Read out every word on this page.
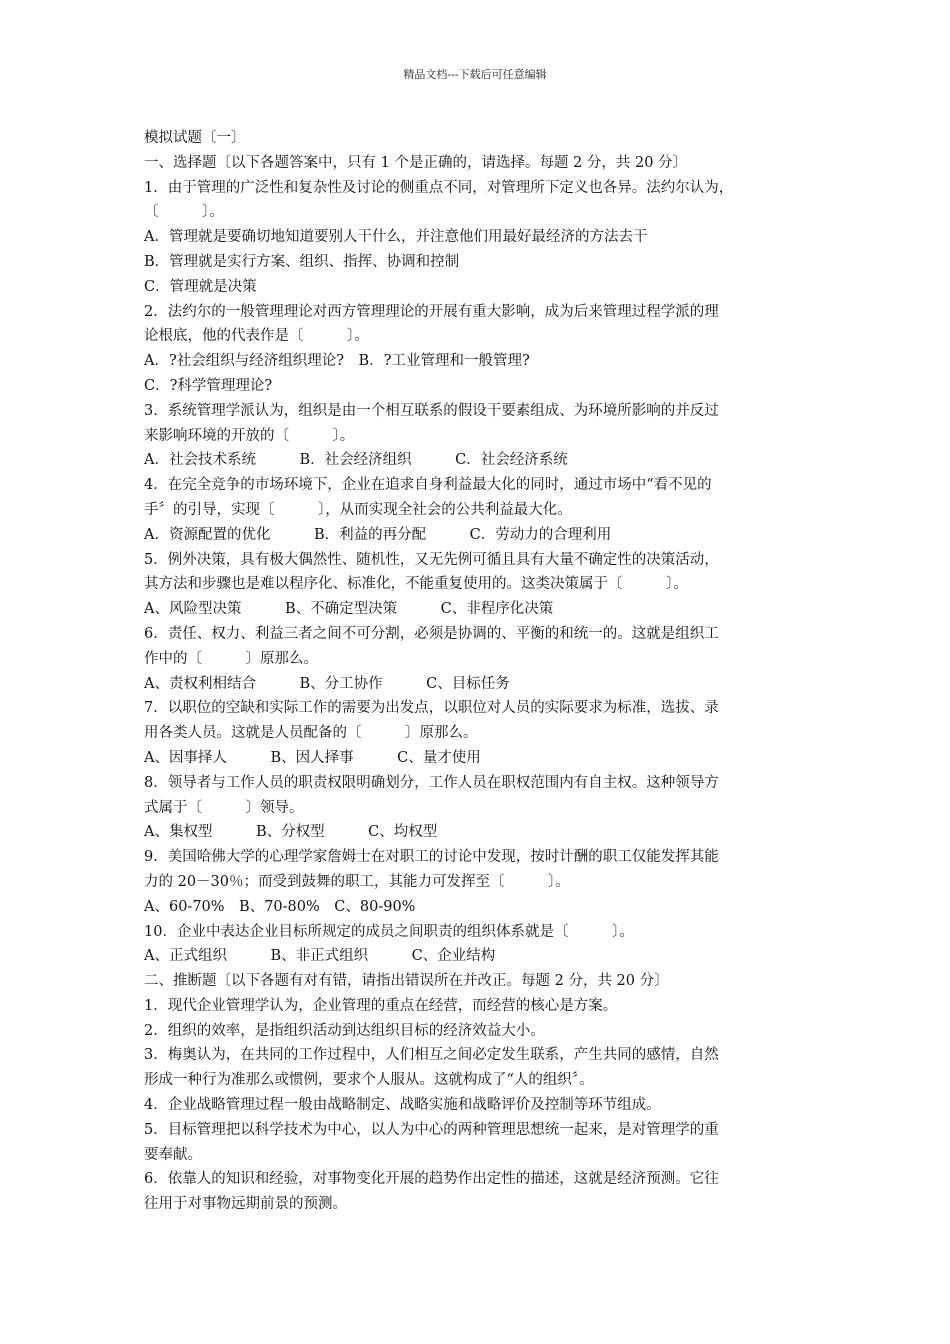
精品文档---下载后可任意编辑
模拟试题〔一〕
一、选择题〔以下各题答案中，只有 1 个是正确的，请选择。每题 2 分，共 20 分〕
1．由于管理的广泛性和复杂性及讨论的侧重点不同，对管理所下定义也各异。法约尔认为，
〔　　　〕。
A．管理就是要确切地知道要别人干什么，并注意他们用最好最经济的方法去干
B．管理就是实行方案、组织、指挥、协调和控制
C．管理就是决策
2．法约尔的一般管理理论对西方管理理论的开展有重大影响，成为后来管理过程学派的理
论根底，他的代表作是〔　　　〕。
A．?社会组织与经济组织理论?　B．?工业管理和一般管理?
C．?科学管理理论?
3．系统管理学派认为，组织是由一个相互联系的假设干要素组成、为环境所影响的并反过
来影响环境的开放的〔　　　〕。
A．社会技术系统　　　B．社会经济组织　　　C．社会经济系统
4．在完全竞争的市场环境下，企业在追求自身利益最大化的同时，通过市场中“看不见的
手〞的引导，实现〔　　　〕，从而实现全社会的公共利益最大化。
A．资源配置的优化　　　B．利益的再分配　　　C．劳动力的合理利用
5．例外决策，具有极大偶然性、随机性，又无先例可循且具有大量不确定性的决策活动，
其方法和步骤也是难以程序化、标准化，不能重复使用的。这类决策属于〔　　　〕。
A、风险型决策　　　B、不确定型决策　　　C、非程序化决策
6．责任、权力、利益三者之间不可分割，必须是协调的、平衡的和统一的。这就是组织工
作中的〔　　　〕原那么。
A、责权利相结合　　　B、分工协作　　　C、目标任务
7．以职位的空缺和实际工作的需要为出发点，以职位对人员的实际要求为标准，选拔、录
用各类人员。这就是人员配备的〔　　　〕原那么。
A、因事择人　　　B、因人择事　　　C、量才使用
8．领导者与工作人员的职责权限明确划分，工作人员在职权范围内有自主权。这种领导方
式属于〔　　　〕领导。
A、集权型　　　B、分权型　　　C、均权型
9．美国哈佛大学的心理学家詹姆士在对职工的讨论中发现，按时计酬的职工仅能发挥其能
力的 20－30％；而受到鼓舞的职工，其能力可发挥至〔　　　〕。
A、60-70%　B、70-80%　C、80-90%
10．企业中表达企业目标所规定的成员之间职责的组织体系就是〔　　　〕。
A、正式组织　　　B、非正式组织　　　C、企业结构
二、推断题〔以下各题有对有错，请指出错误所在并改正。每题 2 分，共 20 分〕
1．现代企业管理学认为，企业管理的重点在经营，而经营的核心是方案。
2．组织的效率，是指组织活动到达组织目标的经济效益大小。
3．梅奥认为，在共同的工作过程中，人们相互之间必定发生联系，产生共同的感情，自然
形成一种行为准那么或惯例，要求个人服从。这就构成了“人的组织〞。
4．企业战略管理过程一般由战略制定、战略实施和战略评价及控制等环节组成。
5．目标管理把以科学技术为中心，以人为中心的两种管理思想统一起来，是对管理学的重
要奉献。
6．依靠人的知识和经验，对事物变化开展的趋势作出定性的描述，这就是经济预测。它往
往用于对事物远期前景的预测。
